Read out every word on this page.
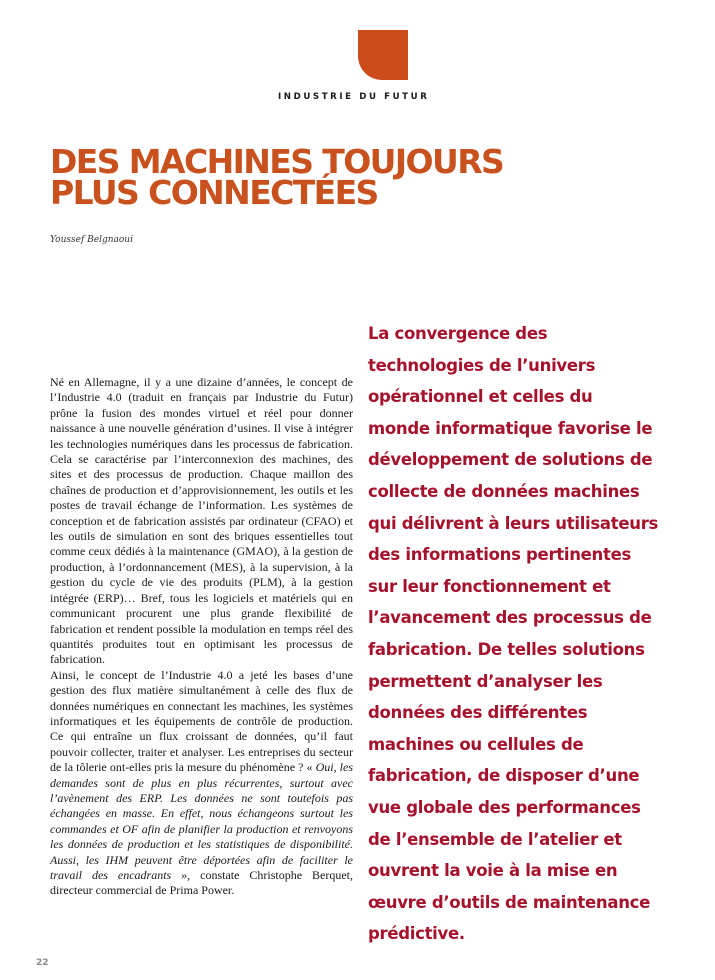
INDUSTRIE DU FUTUR
DES MACHINES TOUJOURS
PLUS CONNECTÉES
Youssef Belgnaoui

Né en Allemagne, il y a une dizaine d’années, le concept de l’Industrie 4.0 (traduit en français par Industrie du Futur) prône la fusion des mondes virtuel et réel pour donner naissance à une nouvelle génération d’usines. Il vise à intégrer les technologies numériques dans les processus de fabrication. Cela se caractérise par l’interconnexion des machines, des sites et des processus de production. Chaque maillon des chaînes de production et d’approvisionnement, les outils et les postes de travail échange de l’information. Les systèmes de conception et de fabrication assistés par ordinateur (CFAO) et les outils de simulation en sont des briques essentielles tout comme ceux dédiés à la maintenance (GMAO), à la gestion de production, à l’ordonnancement (MES), à la supervision, à la gestion du cycle de vie des produits (PLM), à la gestion intégrée (ERP)… Bref, tous les logiciels et matériels qui en communicant procurent une plus grande flexibilité de fabrication et rendent possible la modulation en temps réel des quantités produites tout en optimisant les processus de fabrication.

Ainsi, le concept de l’Industrie 4.0 a jeté les bases d’une gestion des flux matière simultanément à celle des flux de données numériques en connectant les machines, les systèmes informatiques et les équipements de contrôle de production. Ce qui entraîne un flux croissant de données, qu’il faut pouvoir collecter, traiter et analyser. Les entreprises du secteur de la tôlerie ont-elles pris la mesure du phénomène ? « Oui, les demandes sont de plus en plus récurrentes, surtout avec l’avènement des ERP. Les données ne sont toutefois pas échangées en masse. En effet, nous échangeons surtout les commandes et OF afin de planifier la production et renvoyons les données de production et les statistiques de disponibilité. Aussi, les IHM peuvent être déportées afin de faciliter le travail des encadrants », constate Christophe Berquet, directeur commercial de Prima Power.

La convergence des
technologies de l’univers
opérationnel et celles du
monde informatique favorise le
développement de solutions de
collecte de données machines
qui délivrent à leurs utilisateurs
des informations pertinentes
sur leur fonctionnement et
l’avancement des processus de
fabrication. De telles solutions
permettent d’analyser les
données des différentes
machines ou cellules de
fabrication, de disposer d’une
vue globale des performances
de l’ensemble de l’atelier et
ouvrent la voie à la mise en
œuvre d’outils de maintenance
prédictive.
22
